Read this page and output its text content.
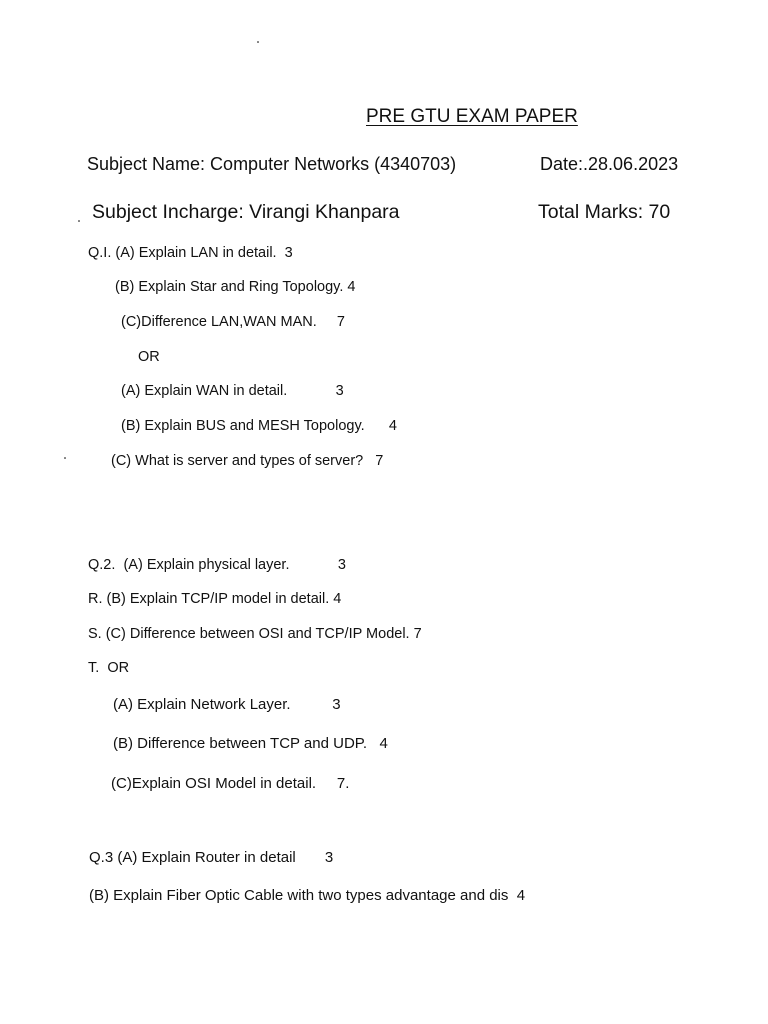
PRE GTU EXAM PAPER
Subject Name: Computer Networks (4340703)	Date:.28.06.2023
Subject Incharge: Virangi Khanpara	Total Marks: 70
Q.I. (A) Explain LAN in detail.  3
(B) Explain Star and Ring Topology. 4
(C)Difference LAN,WAN MAN.     7
OR
(A) Explain WAN in detail.            3
(B) Explain BUS and MESH Topology.      4
(C) What is server and types of server?   7
Q.2.  (A) Explain physical layer.            3
R. (B) Explain TCP/IP model in detail. 4
S. (C) Difference between OSI and TCP/IP Model. 7
T.  OR
(A) Explain Network Layer.          3
(B) Difference between TCP and UDP.   4
(C)Explain OSI Model in detail.     7.
Q.3 (A) Explain Router in detail       3
(B) Explain Fiber Optic Cable with two types advantage and dis  4
